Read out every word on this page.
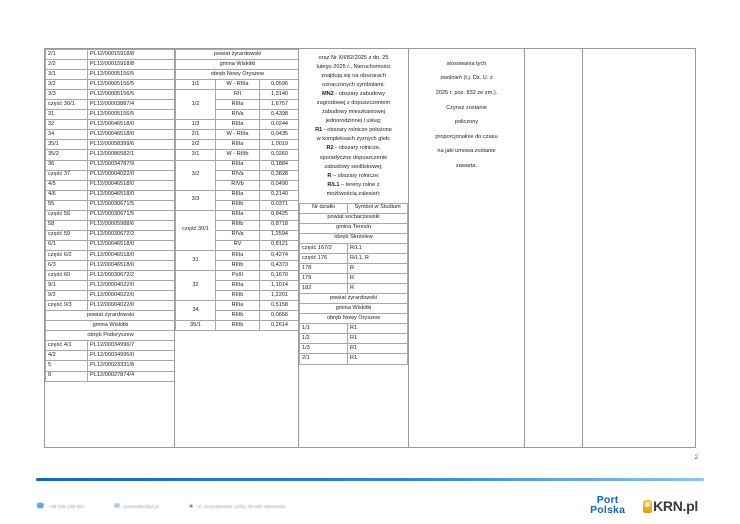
2/1	PL12/00015918/8
2/2	PL12/00015918/8
3/1	PL12/00005156/5
3/2	PL12/00005156/5
3/3	PL12/00005156/5
część 30/1	PL12/00003887/4
31	PL12/00005156/5
32	PL12/00046518/0
34	PL12/00046518/0
35/1	PL12/00058399/6
35/2	PL12/00086582/1
36	PL12/00034787/9
część 37	PL12/00004022/0
4/5	PL12/00046518/0
4/6	PL12/00046518/0
55	PL12/00030671/5
część 56	PL12/00030671/5
58	PL12/00005988/6
część 59	PL12/00030672/2
6/1	PL12/00046518/0
część 6/2	PL12/00046518/0
6/3	PL12/00046518/0
część 60	PL12/00030672/2
9/1	PL12/00004022/0
9/2	PL12/00004022/0
część 9/3	PL12/00004022/0
powiat żyrardowski	
gmina Wiskitki	
obręb Podoryszew	
część 4/1	PL12/00034996/7
4/2	PL12/00034995/0
5	PL12/00023331/8
8	PL12/00027874/4
powiat żyrardowski		
gmina Wiskitki		
obręb Nowy Oryszew		
1/1	W - RIIIa	0,0596
1/2	RII	1,3140
	RIIIa	1,6757
	RIVa	0,4398
1/3	RIIIa	0,0244
2/1	W - RIIIa	0,0435
2/2	RIIIa	1,0019
3/1	W - RIIIb	0,0260
3/2	RIIIa	0,1884
	RIVa	0,3828
	RIVb	0,0490
3/3	RIIIa	0,2140
	RIIIb	0,0371
część 30/1	RIIIa	0,8425
	RIIIb	0,8718
	RIVa	1,2594
	RV	0,8121
31	RIIIa	0,4274
	RIIIb	0,4373
32	PsIII	0,1670
	RIIIa	1,1014
	RIIIb	1,2201
34	RIIIa	0,5158
	RIIIb	0,0666
35/1	RIIIb	0,2614

oraz Nr XII/82/2025 z dn. 25

lutego 2025 r., Nieruchomości

znajdują się na obszarach

oznaczonych symbolami:

MN2 - obszary zabudowy

zagrodowej z dopuszczeniem

zabudowy mieszkaniowej

jednorodzinnej i usług;

R1 - obszary rolnicze położone

w kompleksach żyznych gleb;

R2 - obszary rolnicze,

sporadyczne dopuszczenie

zabudowy siedliskowej;

R – obszary rolnicze;

R/L1 – tereny rolne z

możliwością zalesień;

Nr działki	Symbol w Studium
powiat sochaczewski	
gmina Teresin	
obręb Skrzelew	
część 167/2	R/L1
część 176	R/L1, R
178	R
179	R
182	R
powiat żyrardowski	
gmina Wiskitki	
obręb Nowy Oryszew	
1/1	R1
1/2	R1
1/3	R1
2/1	R1

stosowania tych

zwolnień (t.j. Dz. U. z

2025 r. poz. 832 ze zm.).

Czynsz zostanie

policzony

proporcjonalnie do czasu

na jaki umowa zostanie

zawarta.

2
☎ +48 539 188 684	✉ pomorskie@pl.pl	● ul. Jerozolimskie 14/56, 00-000 Warszawa	Port
Polska KRN.pl
